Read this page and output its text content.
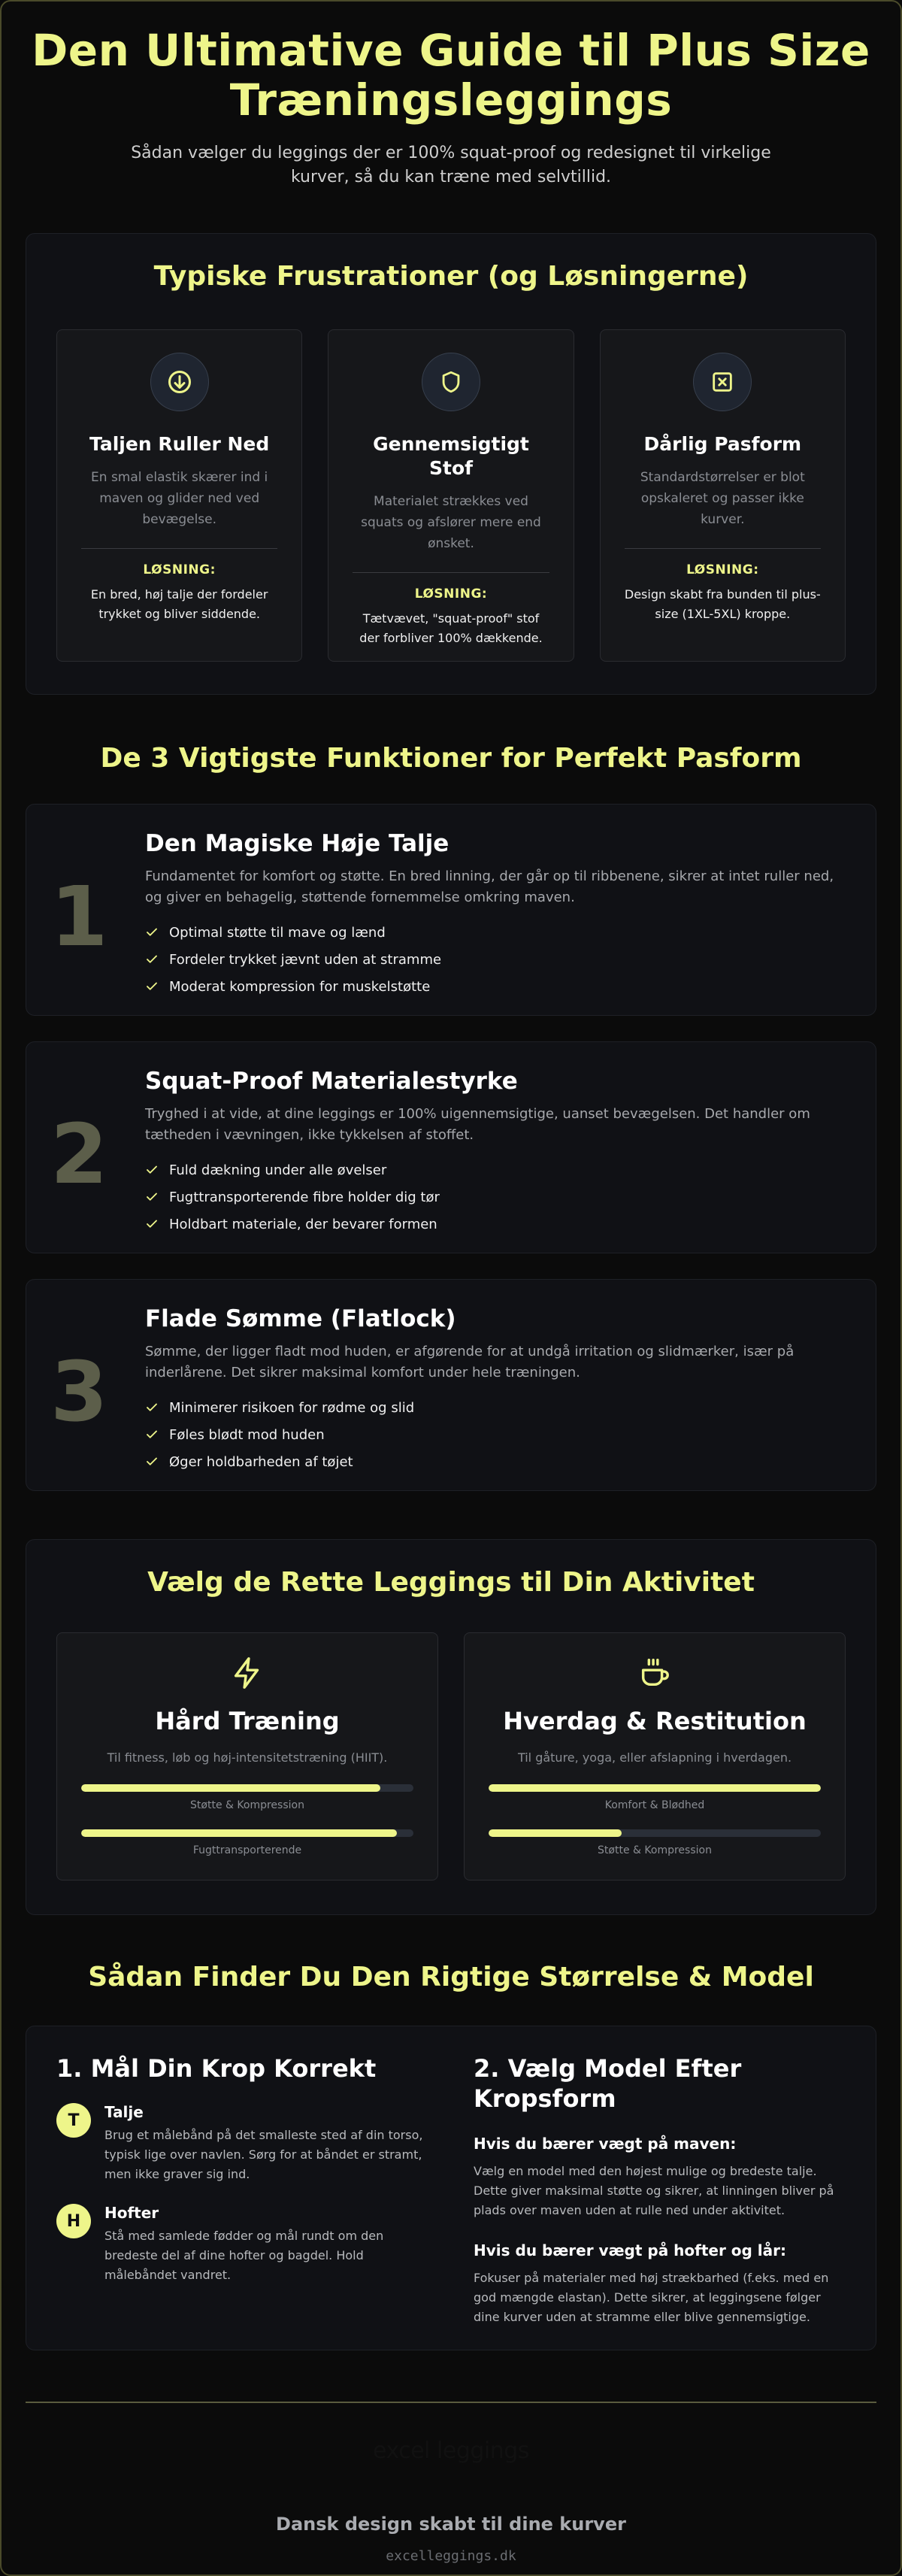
Den Ultimative Guide til Plus Size Træningsleggings

Sådan vælger du leggings der er 100% squat-proof og redesignet til virkelige kurver, så du kan træne med selvtillid.

Typiske Frustrationer (og Løsningerne)
Taljen Ruller Ned

En smal elastik skærer ind i maven og glider ned ved bevægelse.

LØSNING:

En bred, høj talje der fordeler trykket og bliver siddende.

Gennemsigtigt Stof

Materialet strækkes ved squats og afslører mere end ønsket.

LØSNING:

Tætvævet, "squat-proof" stof der forbliver 100% dækkende.

Dårlig Pasform

Standardstørrelser er blot opskaleret og passer ikke kurver.

LØSNING:

Design skabt fra bunden til plus-size (1XL-5XL) kroppe.

De 3 Vigtigste Funktioner for Perfekt Pasform
1
Den Magiske Høje Talje

Fundamentet for komfort og støtte. En bred linning, der går op til ribbenene, sikrer at intet ruller ned, og giver en behagelig, støttende fornemmelse omkring maven.

Optimal støtte til mave og lænd
Fordeler trykket jævnt uden at stramme
Moderat kompression for muskelstøtte
2
Squat-Proof Materialestyrke

Tryghed i at vide, at dine leggings er 100% uigennemsigtige, uanset bevægelsen. Det handler om tætheden i vævningen, ikke tykkelsen af stoffet.

Fuld dækning under alle øvelser
Fugttransporterende fibre holder dig tør
Holdbart materiale, der bevarer formen
3
Flade Sømme (Flatlock)

Sømme, der ligger fladt mod huden, er afgørende for at undgå irritation og slidmærker, især på inderlårene. Det sikrer maksimal komfort under hele træningen.

Minimerer risikoen for rødme og slid
Føles blødt mod huden
Øger holdbarheden af tøjet
Vælg de Rette Leggings til Din Aktivitet
Hård Træning

Til fitness, løb og høj-intensitetstræning (HIIT).

Støtte & Kompression
Fugttransporterende
Hverdag & Restitution

Til gåture, yoga, eller afslapning i hverdagen.

Komfort & Blødhed
Støtte & Kompression
Sådan Finder Du Den Rigtige Størrelse & Model
1. Mål Din Krop Korrekt
T	Talje

Brug et målebånd på det smalleste sted af din torso, typisk lige over navlen. Sørg for at båndet er stramt, men ikke graver sig ind.

H	Hofter

Stå med samlede fødder og mål rundt om den bredeste del af dine hofter og bagdel. Hold målebåndet vandret.

2. Vælg Model Efter Kropsform
Hvis du bærer vægt på maven:

Vælg en model med den højest mulige og bredeste talje. Dette giver maksimal støtte og sikrer, at linningen bliver på plads over maven uden at rulle ned under aktivitet.

Hvis du bærer vægt på hofter og lår:

Fokuser på materialer med høj strækbarhed (f.eks. med en god mængde elastan). Dette sikrer, at leggingsene følger dine kurver uden at stramme eller blive gennemsigtige.

excel leggings
Dansk design skabt til dine kurver
excelleggings.dk
